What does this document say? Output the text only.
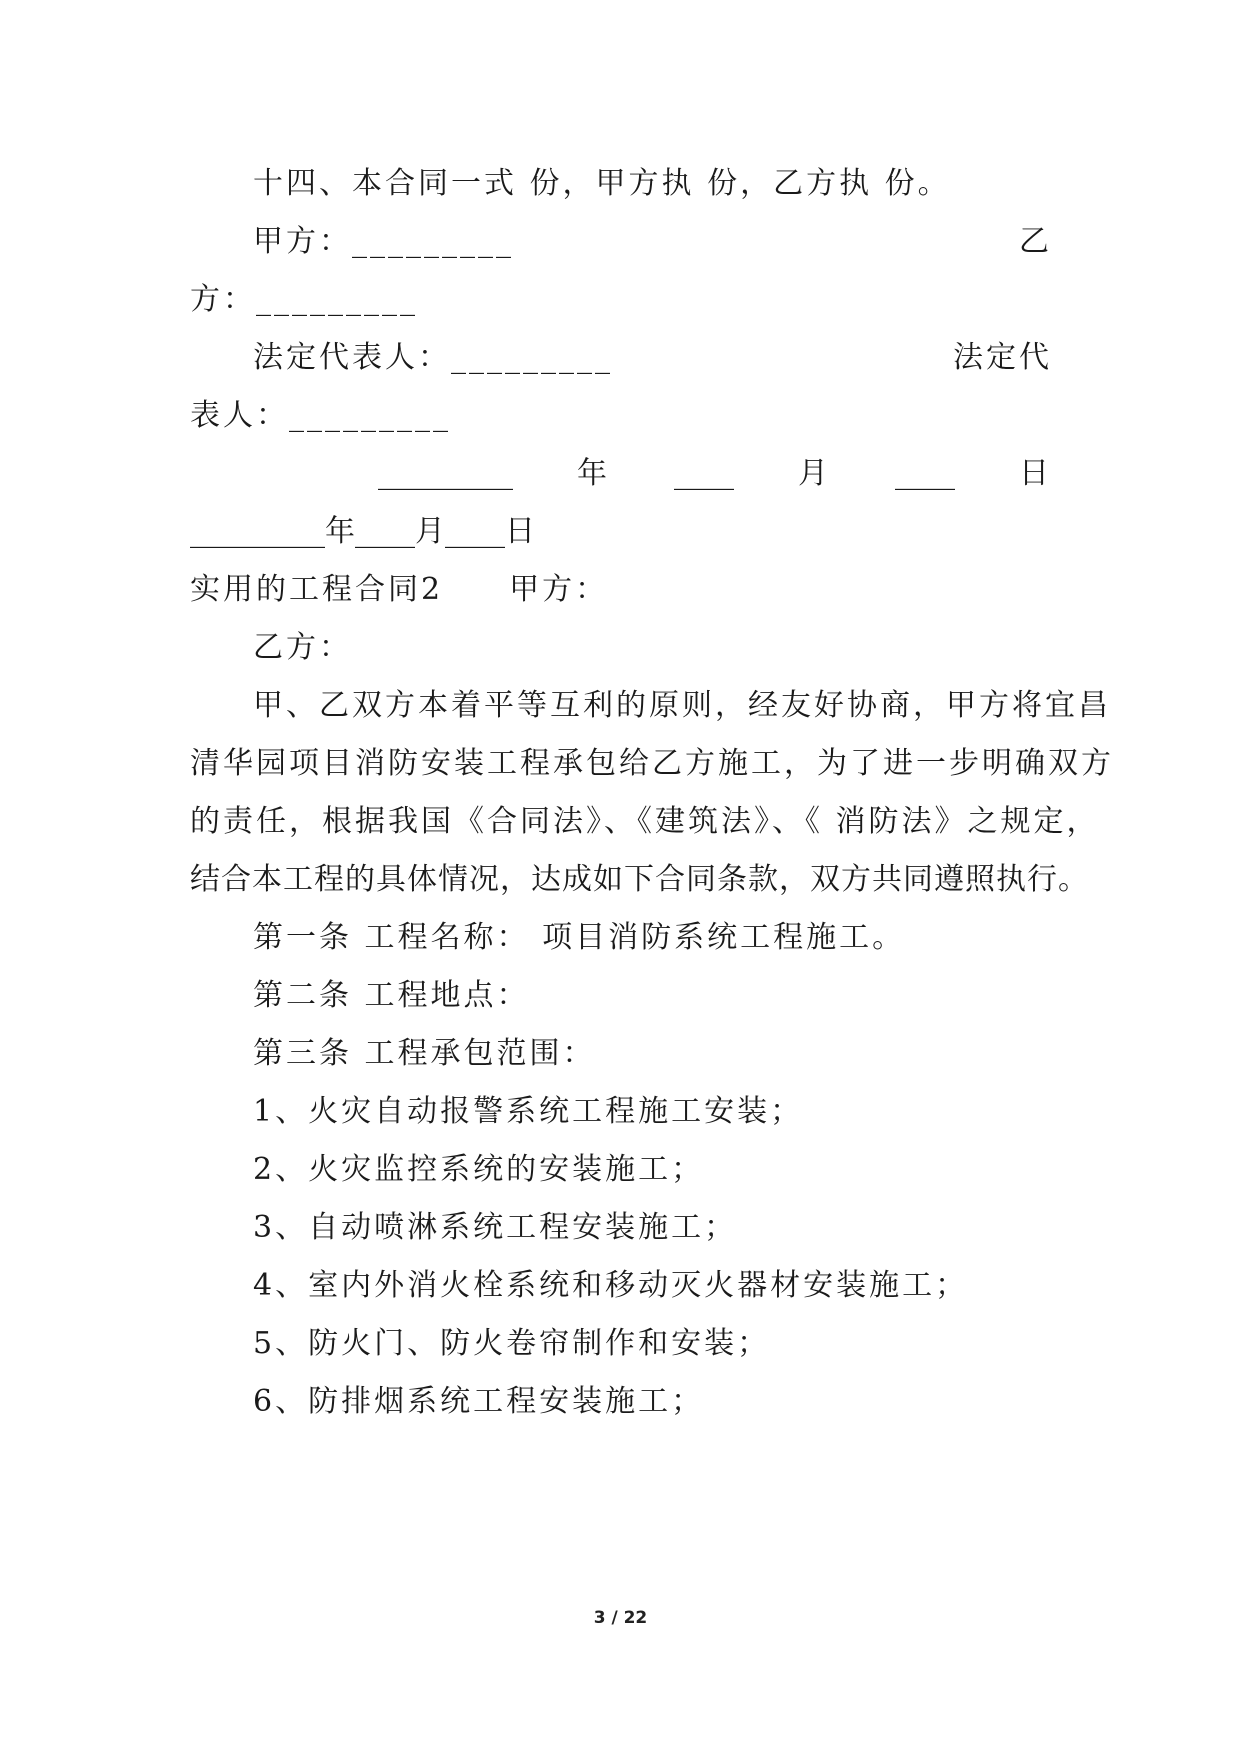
十四、本合同一式 份，甲方执 份，乙方执 份。
甲方：_________	乙
方：_________
法定代表人：_________	法定代
表人：_________
_________ 年 ____ 月 ____ 日
_________年____月____日
实用的工程合同2　　甲方：
乙方：
甲、乙双方本着平等互利的原则，经友好协商，甲方将宜昌
清华园项目消防安装工程承包给乙方施工，为了进一步明确双方
的责任，根据我国《合同法》、《建筑法》、《 消防法》之规定，
结合本工程的具体情况，达成如下合同条款，双方共同遵照执行。
第一条 工程名称： 项目消防系统工程施工。
第二条 工程地点：
第三条 工程承包范围：
1、火灾自动报警系统工程施工安装；
2、火灾监控系统的安装施工；
3、自动喷淋系统工程安装施工；
4、室内外消火栓系统和移动灭火器材安装施工；
5、防火门、防火卷帘制作和安装；
6、防排烟系统工程安装施工；
3 / 22
